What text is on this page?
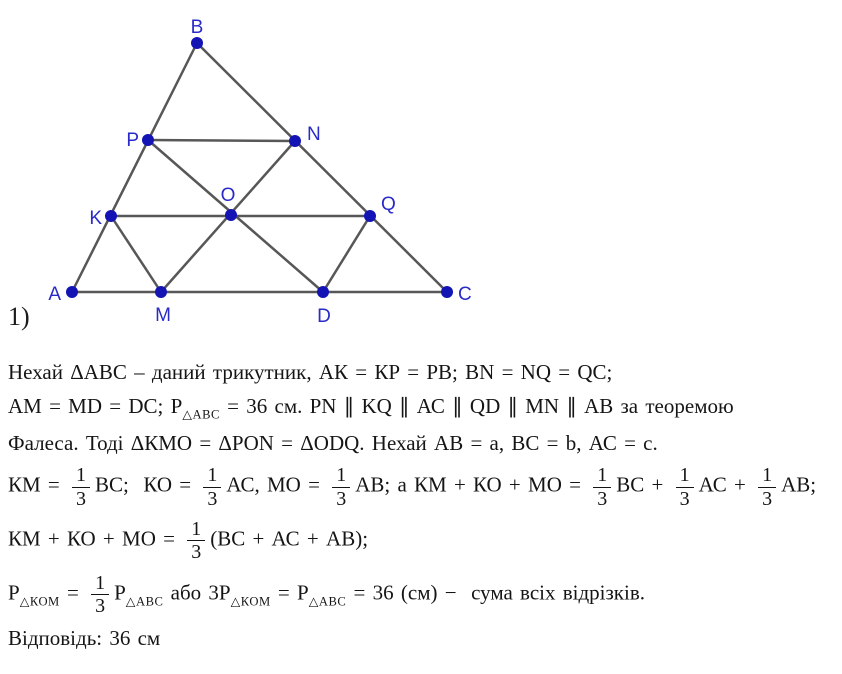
B
P	N
K
O	Q
A
M	D
C
1)
Нехай ΔАВС – даний трикутник, АК = КР = РВ; BN = NQ = QC;
АМ = MD = DC; $Р_{\triangle АВС} = 36$ см. PN ∥ KQ ∥ АС ∥ QD ∥ MN ∥ АВ за теоремою
Фалеса. Тоді ΔКМО = ΔPON = ΔODQ. Нехай АВ = a, ВС = b, АС = c.
КМ = $\frac{1}{3}$ ВС;  КО = $\frac{1}{3}$ АС, МО = $\frac{1}{3}$ АВ; а КМ + КО + МО = $\frac{1}{3}$ ВС + $\frac{1}{3}$ АС + $\frac{1}{3}$ АВ;
КМ + КО + МО = $\frac{1}{3} (ВС$ + АС + АВ);
$Р_{\triangle КОМ} = \frac{1}{3} Р_{\triangle АВС}$ або $3Р_{\triangle КОМ} = Р_{\triangle АВС} = 36$ (см) −  сума всіх відрізків.
Відповідь: 36 см
